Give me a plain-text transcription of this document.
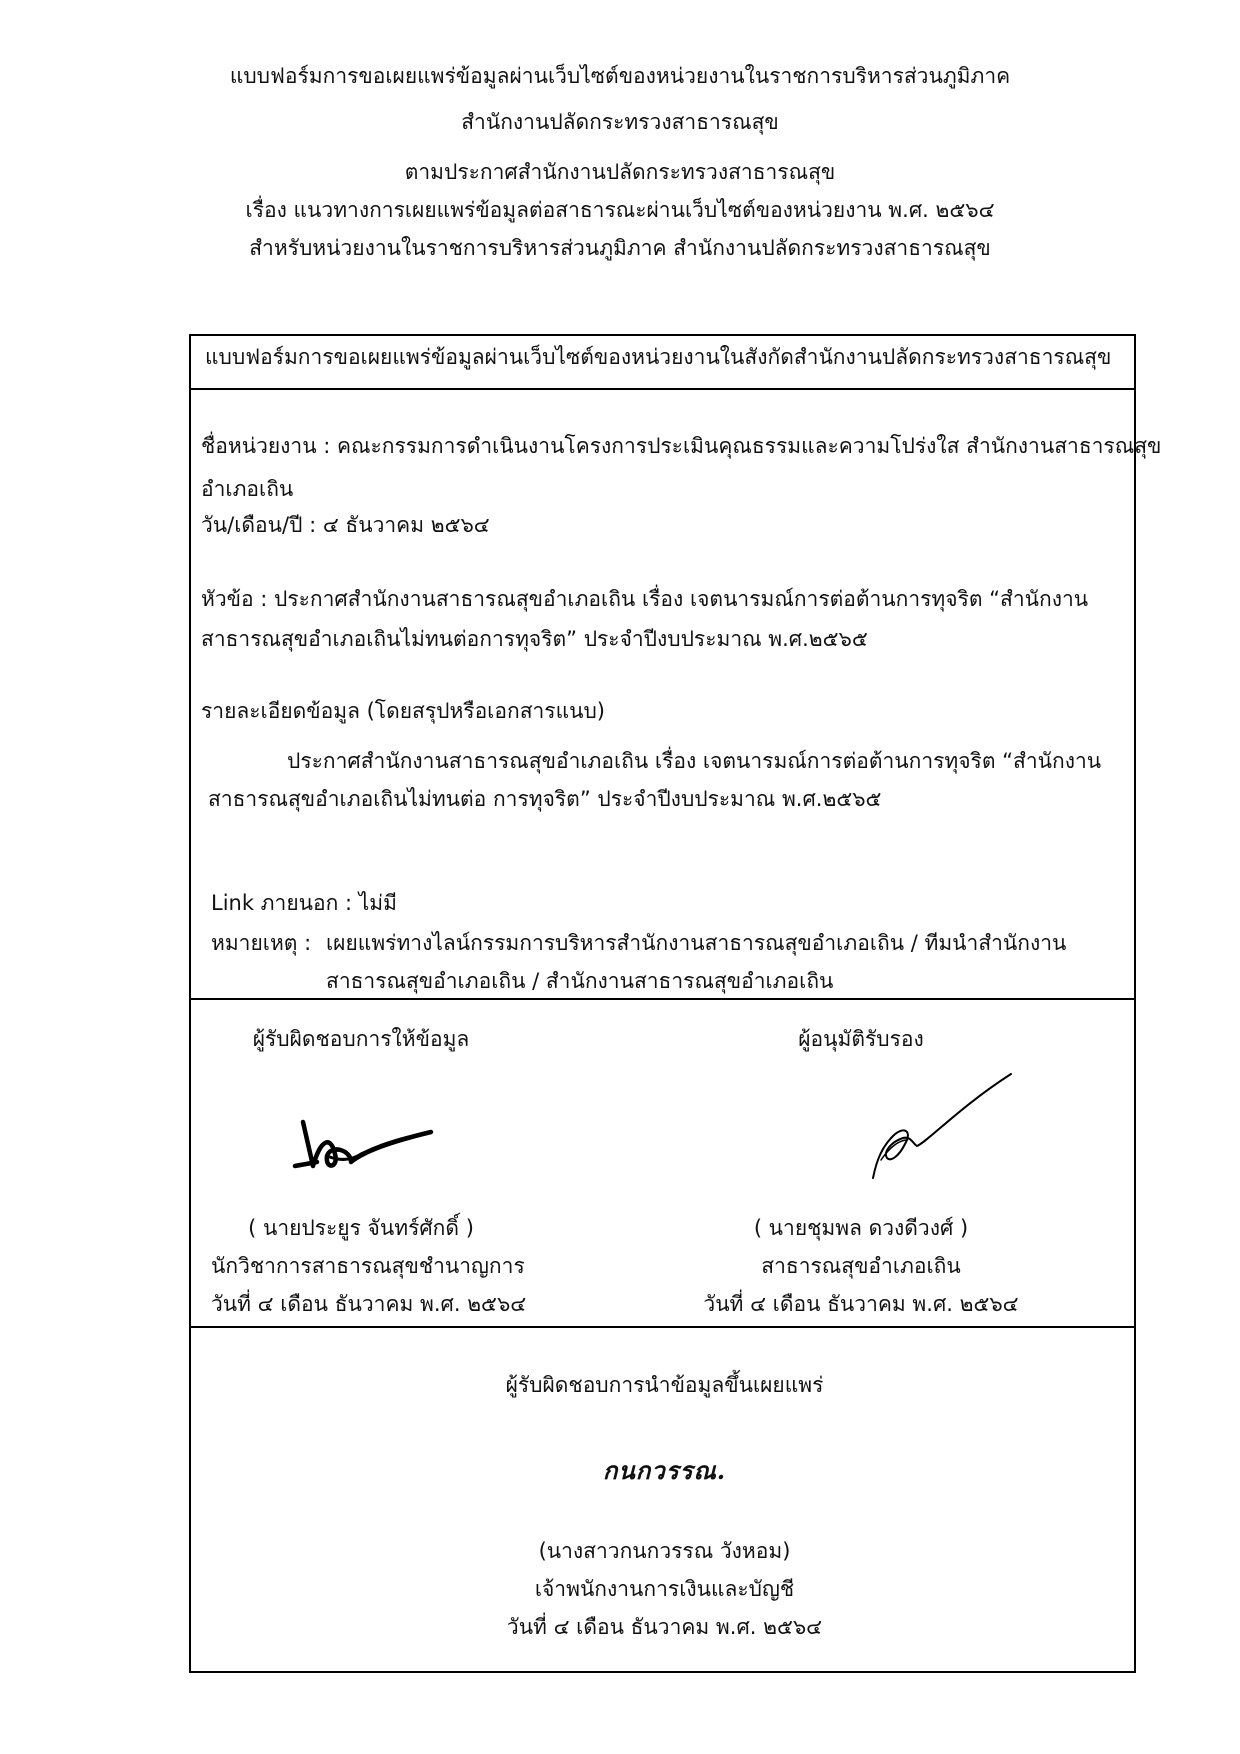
แบบฟอร์มการขอเผยแพร่ข้อมูลผ่านเว็บไซต์ของหน่วยงานในราชการบริหารส่วนภูมิภาค
สำนักงานปลัดกระทรวงสาธารณสุข
ตามประกาศสำนักงานปลัดกระทรวงสาธารณสุข
เรื่อง แนวทางการเผยแพร่ข้อมูลต่อสาธารณะผ่านเว็บไซต์ของหน่วยงาน พ.ศ. ๒๕๖๔
สำหรับหน่วยงานในราชการบริหารส่วนภูมิภาค สำนักงานปลัดกระทรวงสาธารณสุข
แบบฟอร์มการขอเผยแพร่ข้อมูลผ่านเว็บไซต์ของหน่วยงานในสังกัดสำนักงานปลัดกระทรวงสาธารณสุข
ชื่อหน่วยงาน : คณะกรรมการดำเนินงานโครงการประเมินคุณธรรมและความโปร่งใส สำนักงานสาธารณสุข
อำเภอเถิน
วัน/เดือน/ปี : ๔ ธันวาคม ๒๕๖๔
หัวข้อ : ประกาศสำนักงานสาธารณสุขอำเภอเถิน เรื่อง เจตนารมณ์การต่อต้านการทุจริต “สำนักงาน
สาธารณสุขอำเภอเถินไม่ทนต่อการทุจริต” ประจำปีงบประมาณ พ.ศ.๒๕๖๕
รายละเอียดข้อมูล (โดยสรุปหรือเอกสารแนบ)
ประกาศสำนักงานสาธารณสุขอำเภอเถิน เรื่อง เจตนารมณ์การต่อต้านการทุจริต “สำนักงาน
สาธารณสุขอำเภอเถินไม่ทนต่อ การทุจริต” ประจำปีงบประมาณ พ.ศ.๒๕๖๕
Link ภายนอก : ไม่มี
หมายเหตุ : เผยแพร่ทางไลน์กรรมการบริหารสำนักงานสาธารณสุขอำเภอเถิน / ทีมนำสำนักงาน
สาธารณสุขอำเภอเถิน / สำนักงานสาธารณสุขอำเภอเถิน
ผู้รับผิดชอบการให้ข้อมูล
( นายประยูร จันทร์ศักดิ์ )
นักวิชาการสาธารณสุขชำนาญการ
วันที่ ๔ เดือน ธันวาคม พ.ศ. ๒๕๖๔
ผู้อนุมัติรับรอง
( นายชุมพล ดวงดีวงศ์ )
สาธารณสุขอำเภอเถิน
วันที่ ๔ เดือน ธันวาคม พ.ศ. ๒๕๖๔
ผู้รับผิดชอบการนำข้อมูลขึ้นเผยแพร่
กนกวรรณ.
(นางสาวกนกวรรณ วังหอม)
เจ้าพนักงานการเงินและบัญชี
วันที่ ๔ เดือน ธันวาคม พ.ศ. ๒๕๖๔
